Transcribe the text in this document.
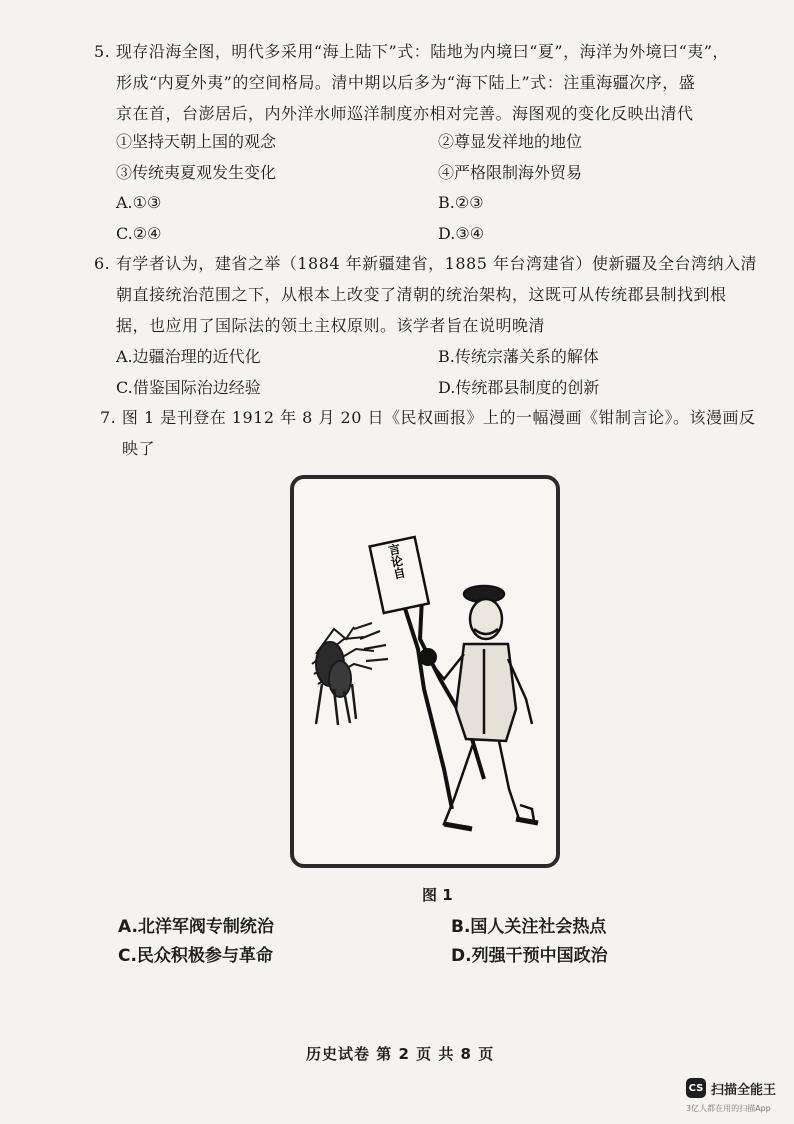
5. 现存沿海全图，明代多采用“海上陆下”式：陆地为内境曰“夏”，海洋为外境曰“夷”，
形成“内夏外夷”的空间格局。清中期以后多为“海下陆上”式：注重海疆次序，盛
京在首，台澎居后，内外洋水师巡洋制度亦相对完善。海图观的变化反映出清代
①坚持天朝上国的观念	②尊显发祥地的地位
③传统夷夏观发生变化	④严格限制海外贸易
A.①③	B.②③
C.②④	D.③④
6. 有学者认为，建省之举（1884 年新疆建省，1885 年台湾建省）使新疆及全台湾纳入清
朝直接统治范围之下，从根本上改变了清朝的统治架构，这既可从传统郡县制找到根
据，也应用了国际法的领土主权原则。该学者旨在说明晚清
A.边疆治理的近代化	B.传统宗藩关系的解体
C.借鉴国际治边经验	D.传统郡县制度的创新
7. 图 1 是刊登在 1912 年 8 月 20 日《民权画报》上的一幅漫画《钳制言论》。该漫画反
映了
言论自
图 1
A.北洋军阀专制统治	B.国人关注社会热点
C.民众积极参与革命	D.列强干预中国政治
历史试卷 第 2 页 共 8 页
CS 扫描全能王
3亿人都在用的扫描App
